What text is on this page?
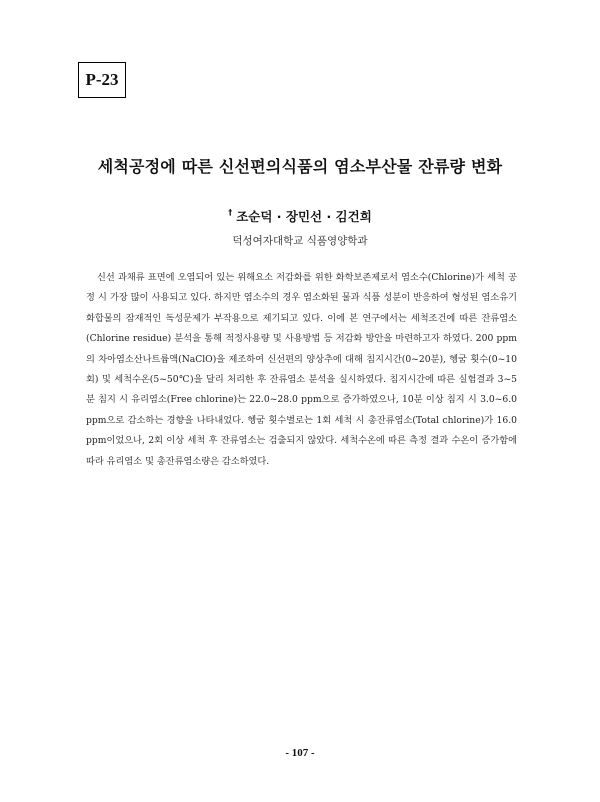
P-23
세척공정에 따른 신선편의식품의 염소부산물 잔류량 변화
† 조순덕 · 장민선 · 김건희
덕성여자대학교 식품영양학과

신선 과채류 표면에 오염되어 있는 위해요소 저감화를 위한 화학보존제로서 염소수(Chlorine)가 세척 공정 시 가장 많이 사용되고 있다. 하지만 염소수의 경우 염소화된 물과 식품 성분이 반응하여 형성된 염소유기 화합물의 잠재적인 독성문제가 부작용으로 제기되고 있다. 이에 본 연구에서는 세척조건에 따른 잔류염소(Chlorine residue) 분석을 통해 적정사용량 및 사용방법 등 저감화 방안을 마련하고자 하였다. 200 ppm의 차아염소산나트륨액(NaClO)을 제조하여 신선편의 양상추에 대해 침지시간(0~20분), 헹굼 횟수(0~10회) 및 세척수온(5~50℃)을 달리 처리한 후 잔류염소 분석을 실시하였다. 침지시간에 따른 실험결과 3~5분 침지 시 유리염소(Free chlorine)는 22.0~28.0 ppm으로 증가하였으나, 10분 이상 침지 시 3.0~6.0 ppm으로 감소하는 경향을 나타내었다. 헹굼 횟수별로는 1회 세척 시 총잔류염소(Total chlorine)가 16.0 ppm이었으나, 2회 이상 세척 후 잔류염소는 검출되지 않았다. 세척수온에 따른 측정 결과 수온이 증가함에 따라 유리염소 및 총잔류염소량은 감소하였다.

- 107 -
